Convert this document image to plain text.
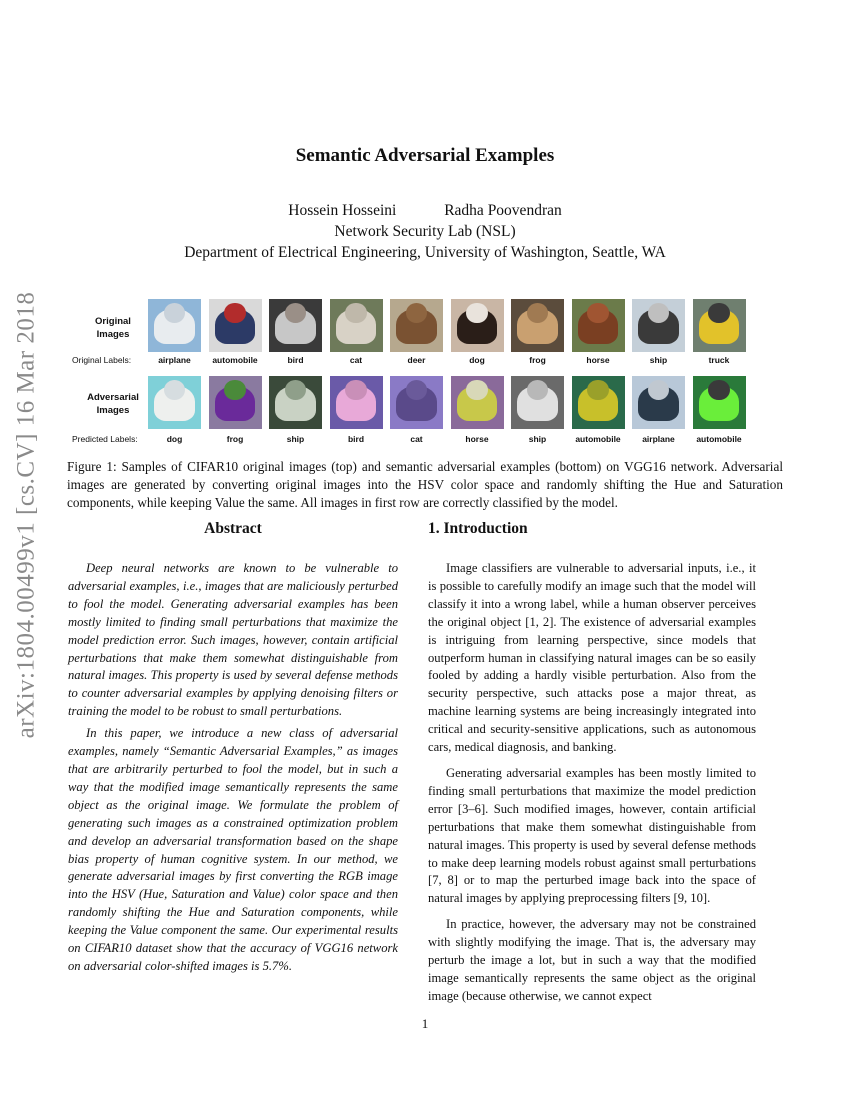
arXiv:1804.00499v1 [cs.CV] 16 Mar 2018
Semantic Adversarial Examples
Hossein Hosseini	Radha Poovendran
Network Security Lab (NSL)
Department of Electrical Engineering, University of Washington, Seattle, WA
Original
Images
Original Labels:
Adversarial
Images
Predicted Labels:
airplane	automobile	bird	cat	deer	dog	frog	horse	ship	truck
dog	frog	ship	bird	cat	horse	ship	automobile	airplane	automobile
Figure 1: Samples of CIFAR10 original images (top) and semantic adversarial examples (bottom) on VGG16 network. Adversarial images are generated by converting original images into the HSV color space and randomly shifting the Hue and Saturation components, while keeping Value the same. All images in first row are correctly classified by the model.
Abstract

Deep neural networks are known to be vulnerable to adversarial examples, i.e., images that are maliciously perturbed to fool the model. Generating adversarial examples has been mostly limited to finding small perturbations that maximize the model prediction error. Such images, however, contain artificial perturbations that make them somewhat distinguishable from natural images. This property is used by several defense methods to counter adversarial examples by applying denoising filters or training the model to be robust to small perturbations.

In this paper, we introduce a new class of adversarial examples, namely “Semantic Adversarial Examples,” as images that are arbitrarily perturbed to fool the model, but in such a way that the modified image semantically represents the same object as the original image. We formulate the problem of generating such images as a constrained optimization problem and develop an adversarial transformation based on the shape bias property of human cognitive system. In our method, we generate adversarial images by first converting the RGB image into the HSV (Hue, Saturation and Value) color space and then randomly shifting the Hue and Saturation components, while keeping the Value component the same. Our experimental results on CIFAR10 dataset show that the accuracy of VGG16 network on adversarial color-shifted images is 5.7%.

1. Introduction

Image classifiers are vulnerable to adversarial inputs, i.e., it is possible to carefully modify an image such that the model will classify it into a wrong label, while a human observer perceives the original object [1, 2]. The existence of adversarial examples is intriguing from learning perspective, since models that outperform human in classifying natural images can be so easily fooled by adding a hardly visible perturbation. Also from the security perspective, such attacks pose a major threat, as machine learning systems are being increasingly integrated into critical and security-sensitive applications, such as autonomous cars, medical diagnosis, and banking.

Generating adversarial examples has been mostly limited to finding small perturbations that maximize the model prediction error [3–6]. Such modified images, however, contain artificial perturbations that make them somewhat distinguishable from natural images. This property is used by several defense methods to make deep learning models robust against small perturbations [7, 8] or to map the perturbed image back into the space of natural images by applying preprocessing filters [9, 10].

In practice, however, the adversary may not be constrained with slightly modifying the image. That is, the adversary may perturb the image a lot, but in such a way that the modified image semantically represents the same object as the original image (because otherwise, we cannot expect

1
